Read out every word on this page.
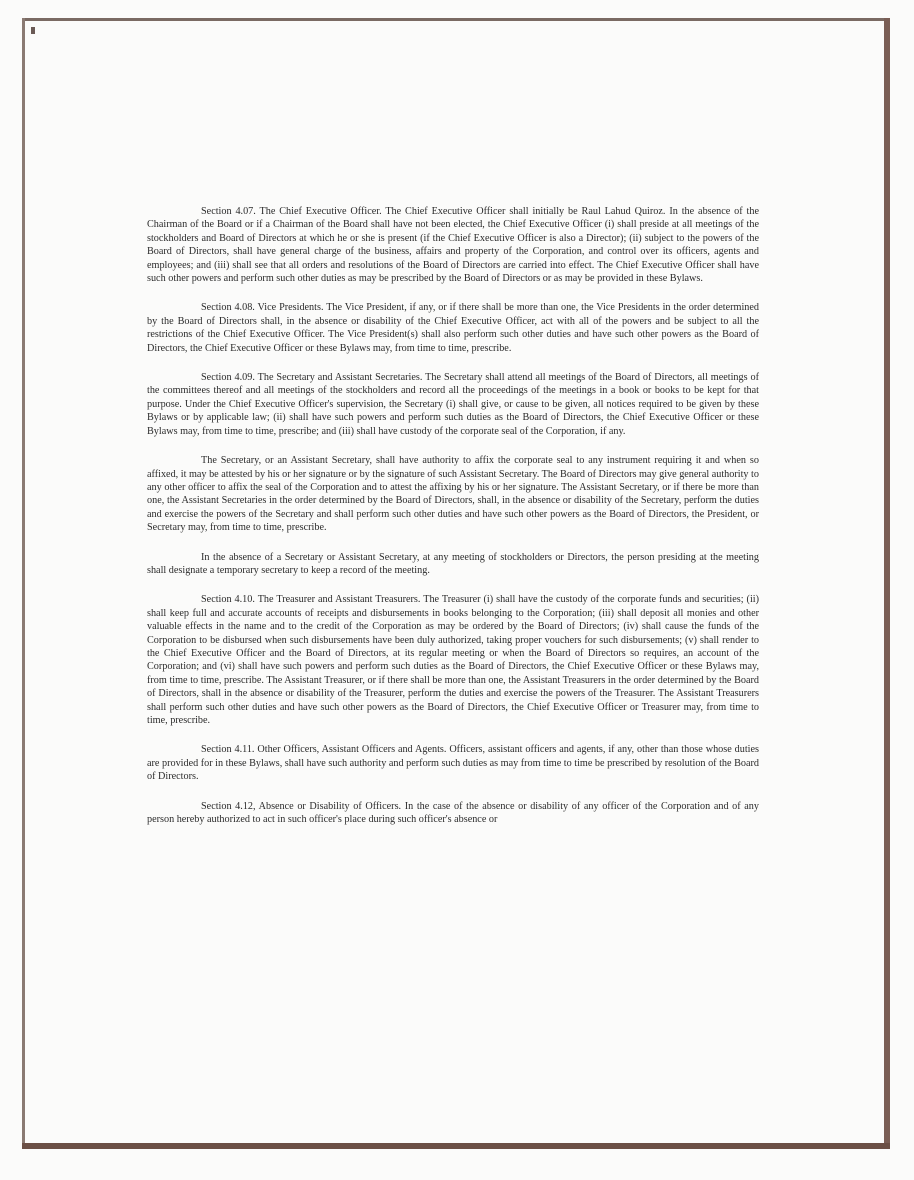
Section 4.07. The Chief Executive Officer. The Chief Executive Officer shall initially be Raul Lahud Quiroz. In the absence of the Chairman of the Board or if a Chairman of the Board shall have not been elected, the Chief Executive Officer (i) shall preside at all meetings of the stockholders and Board of Directors at which he or she is present (if the Chief Executive Officer is also a Director); (ii) subject to the powers of the Board of Directors, shall have general charge of the business, affairs and property of the Corporation, and control over its officers, agents and employees; and (iii) shall see that all orders and resolutions of the Board of Directors are carried into effect. The Chief Executive Officer shall have such other powers and perform such other duties as may be prescribed by the Board of Directors or as may be provided in these Bylaws.

Section 4.08. Vice Presidents. The Vice President, if any, or if there shall be more than one, the Vice Presidents in the order determined by the Board of Directors shall, in the absence or disability of the Chief Executive Officer, act with all of the powers and be subject to all the restrictions of the Chief Executive Officer. The Vice President(s) shall also perform such other duties and have such other powers as the Board of Directors, the Chief Executive Officer or these Bylaws may, from time to time, prescribe.

Section 4.09. The Secretary and Assistant Secretaries. The Secretary shall attend all meetings of the Board of Directors, all meetings of the committees thereof and all meetings of the stockholders and record all the proceedings of the meetings in a book or books to be kept for that purpose. Under the Chief Executive Officer's supervision, the Secretary (i) shall give, or cause to be given, all notices required to be given by these Bylaws or by applicable law; (ii) shall have such powers and perform such duties as the Board of Directors, the Chief Executive Officer or these Bylaws may, from time to time, prescribe; and (iii) shall have custody of the corporate seal of the Corporation, if any.

The Secretary, or an Assistant Secretary, shall have authority to affix the corporate seal to any instrument requiring it and when so affixed, it may be attested by his or her signature or by the signature of such Assistant Secretary. The Board of Directors may give general authority to any other officer to affix the seal of the Corporation and to attest the affixing by his or her signature. The Assistant Secretary, or if there be more than one, the Assistant Secretaries in the order determined by the Board of Directors, shall, in the absence or disability of the Secretary, perform the duties and exercise the powers of the Secretary and shall perform such other duties and have such other powers as the Board of Directors, the President, or Secretary may, from time to time, prescribe.

In the absence of a Secretary or Assistant Secretary, at any meeting of stockholders or Directors, the person presiding at the meeting shall designate a temporary secretary to keep a record of the meeting.

Section 4.10. The Treasurer and Assistant Treasurers. The Treasurer (i) shall have the custody of the corporate funds and securities; (ii) shall keep full and accurate accounts of receipts and disbursements in books belonging to the Corporation; (iii) shall deposit all monies and other valuable effects in the name and to the credit of the Corporation as may be ordered by the Board of Directors; (iv) shall cause the funds of the Corporation to be disbursed when such disbursements have been duly authorized, taking proper vouchers for such disbursements; (v) shall render to the Chief Executive Officer and the Board of Directors, at its regular meeting or when the Board of Directors so requires, an account of the Corporation; and (vi) shall have such powers and perform such duties as the Board of Directors, the Chief Executive Officer or these Bylaws may, from time to time, prescribe. The Assistant Treasurer, or if there shall be more than one, the Assistant Treasurers in the order determined by the Board of Directors, shall in the absence or disability of the Treasurer, perform the duties and exercise the powers of the Treasurer. The Assistant Treasurers shall perform such other duties and have such other powers as the Board of Directors, the Chief Executive Officer or Treasurer may, from time to time, prescribe.

Section 4.11. Other Officers, Assistant Officers and Agents. Officers, assistant officers and agents, if any, other than those whose duties are provided for in these Bylaws, shall have such authority and perform such duties as may from time to time be prescribed by resolution of the Board of Directors.

Section 4.12, Absence or Disability of Officers. In the case of the absence or disability of any officer of the Corporation and of any person hereby authorized to act in such officer's place during such officer's absence or
